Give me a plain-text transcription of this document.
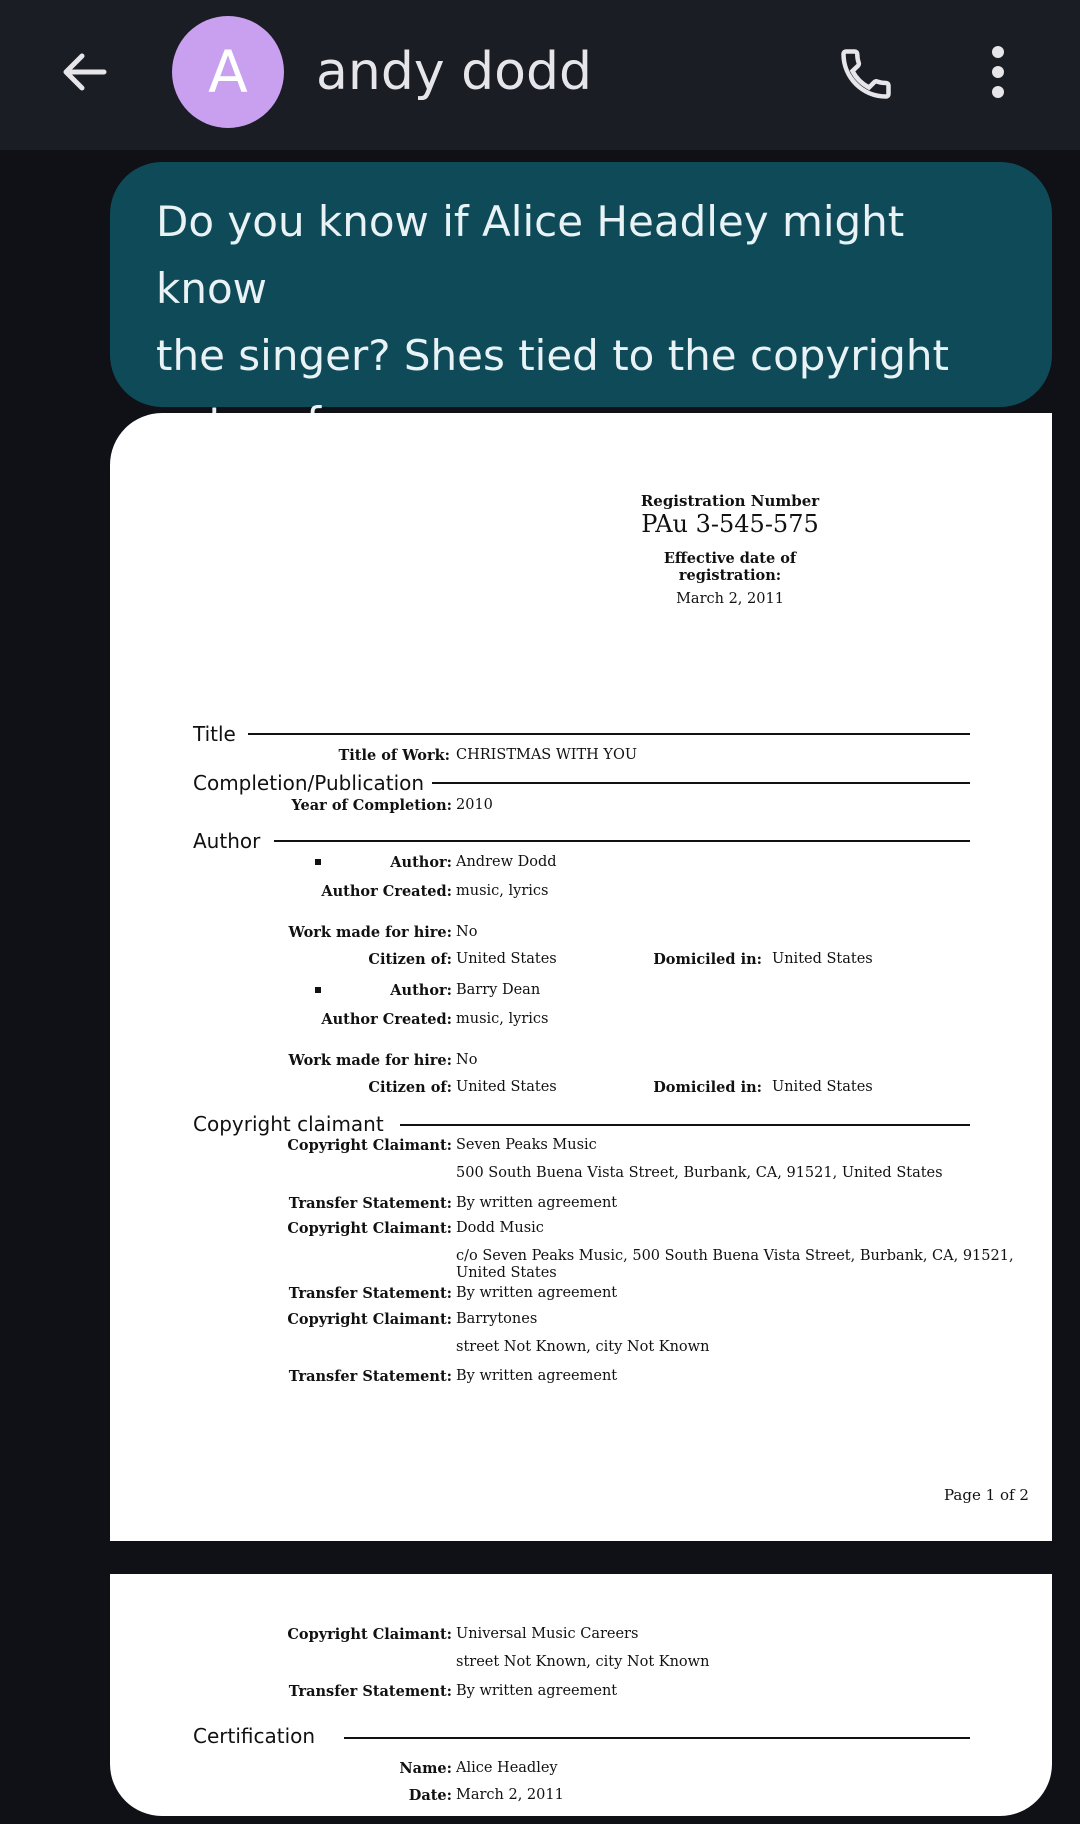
A	andy dodd
Do you know if Alice Headley might know
the singer? Shes tied to the copyright
Registration Number
PAu 3-545-575
Effective date of
registration:
March 2, 2011
Title
Title of Work: CHRISTMAS WITH YOU
Completion/Publication
Year of Completion: 2010
Author
Author: Andrew Dodd
Author Created: music, lyrics
Work made for hire: No
Citizen of: United States	Domiciled in: United States
Author: Barry Dean
Author Created: music, lyrics
Work made for hire: No
Citizen of: United States	Domiciled in: United States
Copyright claimant
Copyright Claimant: Seven Peaks Music
500 South Buena Vista Street, Burbank, CA, 91521, United States
Transfer Statement: By written agreement
Copyright Claimant: Dodd Music
c/o Seven Peaks Music, 500 South Buena Vista Street, Burbank, CA, 91521,
United States
Transfer Statement: By written agreement
Copyright Claimant: Barrytones
street Not Known, city Not Known
Transfer Statement: By written agreement
Page 1 of 2
Copyright Claimant: Universal Music Careers
street Not Known, city Not Known
Transfer Statement: By written agreement
Certification
Name: Alice Headley
Date: March 2, 2011
